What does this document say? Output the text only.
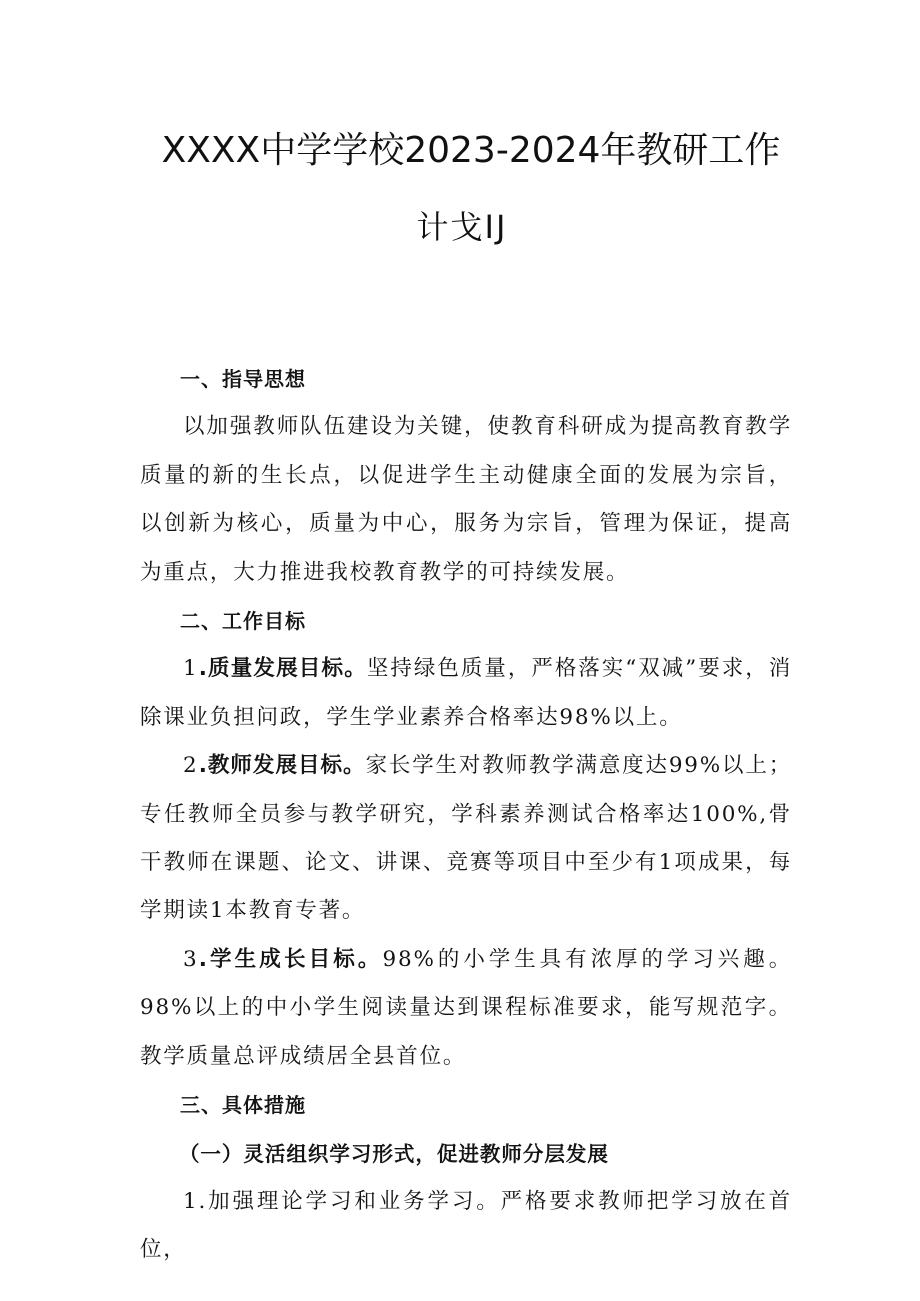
XXXX中学学校2023-2024年教研工作
计戈IJ

一、指导思想

以加强教师队伍建设为关键，使教育科研成为提高教育教学质量的新的生长点，以促进学生主动健康全面的发展为宗旨，以创新为核心，质量为中心，服务为宗旨，管理为保证，提高为重点，大力推进我校教育教学的可持续发展。

二、工作目标

1.质量发展目标。坚持绿色质量，严格落实“双减”要求，消除课业负担问政，学生学业素养合格率达98%以上。

2.教师发展目标。家长学生对教师教学满意度达99%以上；专任教师全员参与教学研究，学科素养测试合格率达100%,骨干教师在课题、论文、讲课、竞赛等项目中至少有1项成果，每学期读1本教育专著。

3.学生成长目标。98%的小学生具有浓厚的学习兴趣。98%以上的中小学生阅读量达到课程标准要求，能写规范字。教学质量总评成绩居全县首位。

三、具体措施

（一）灵活组织学习形式，促进教师分层发展

1.加强理论学习和业务学习。严格要求教师把学习放在首位，
